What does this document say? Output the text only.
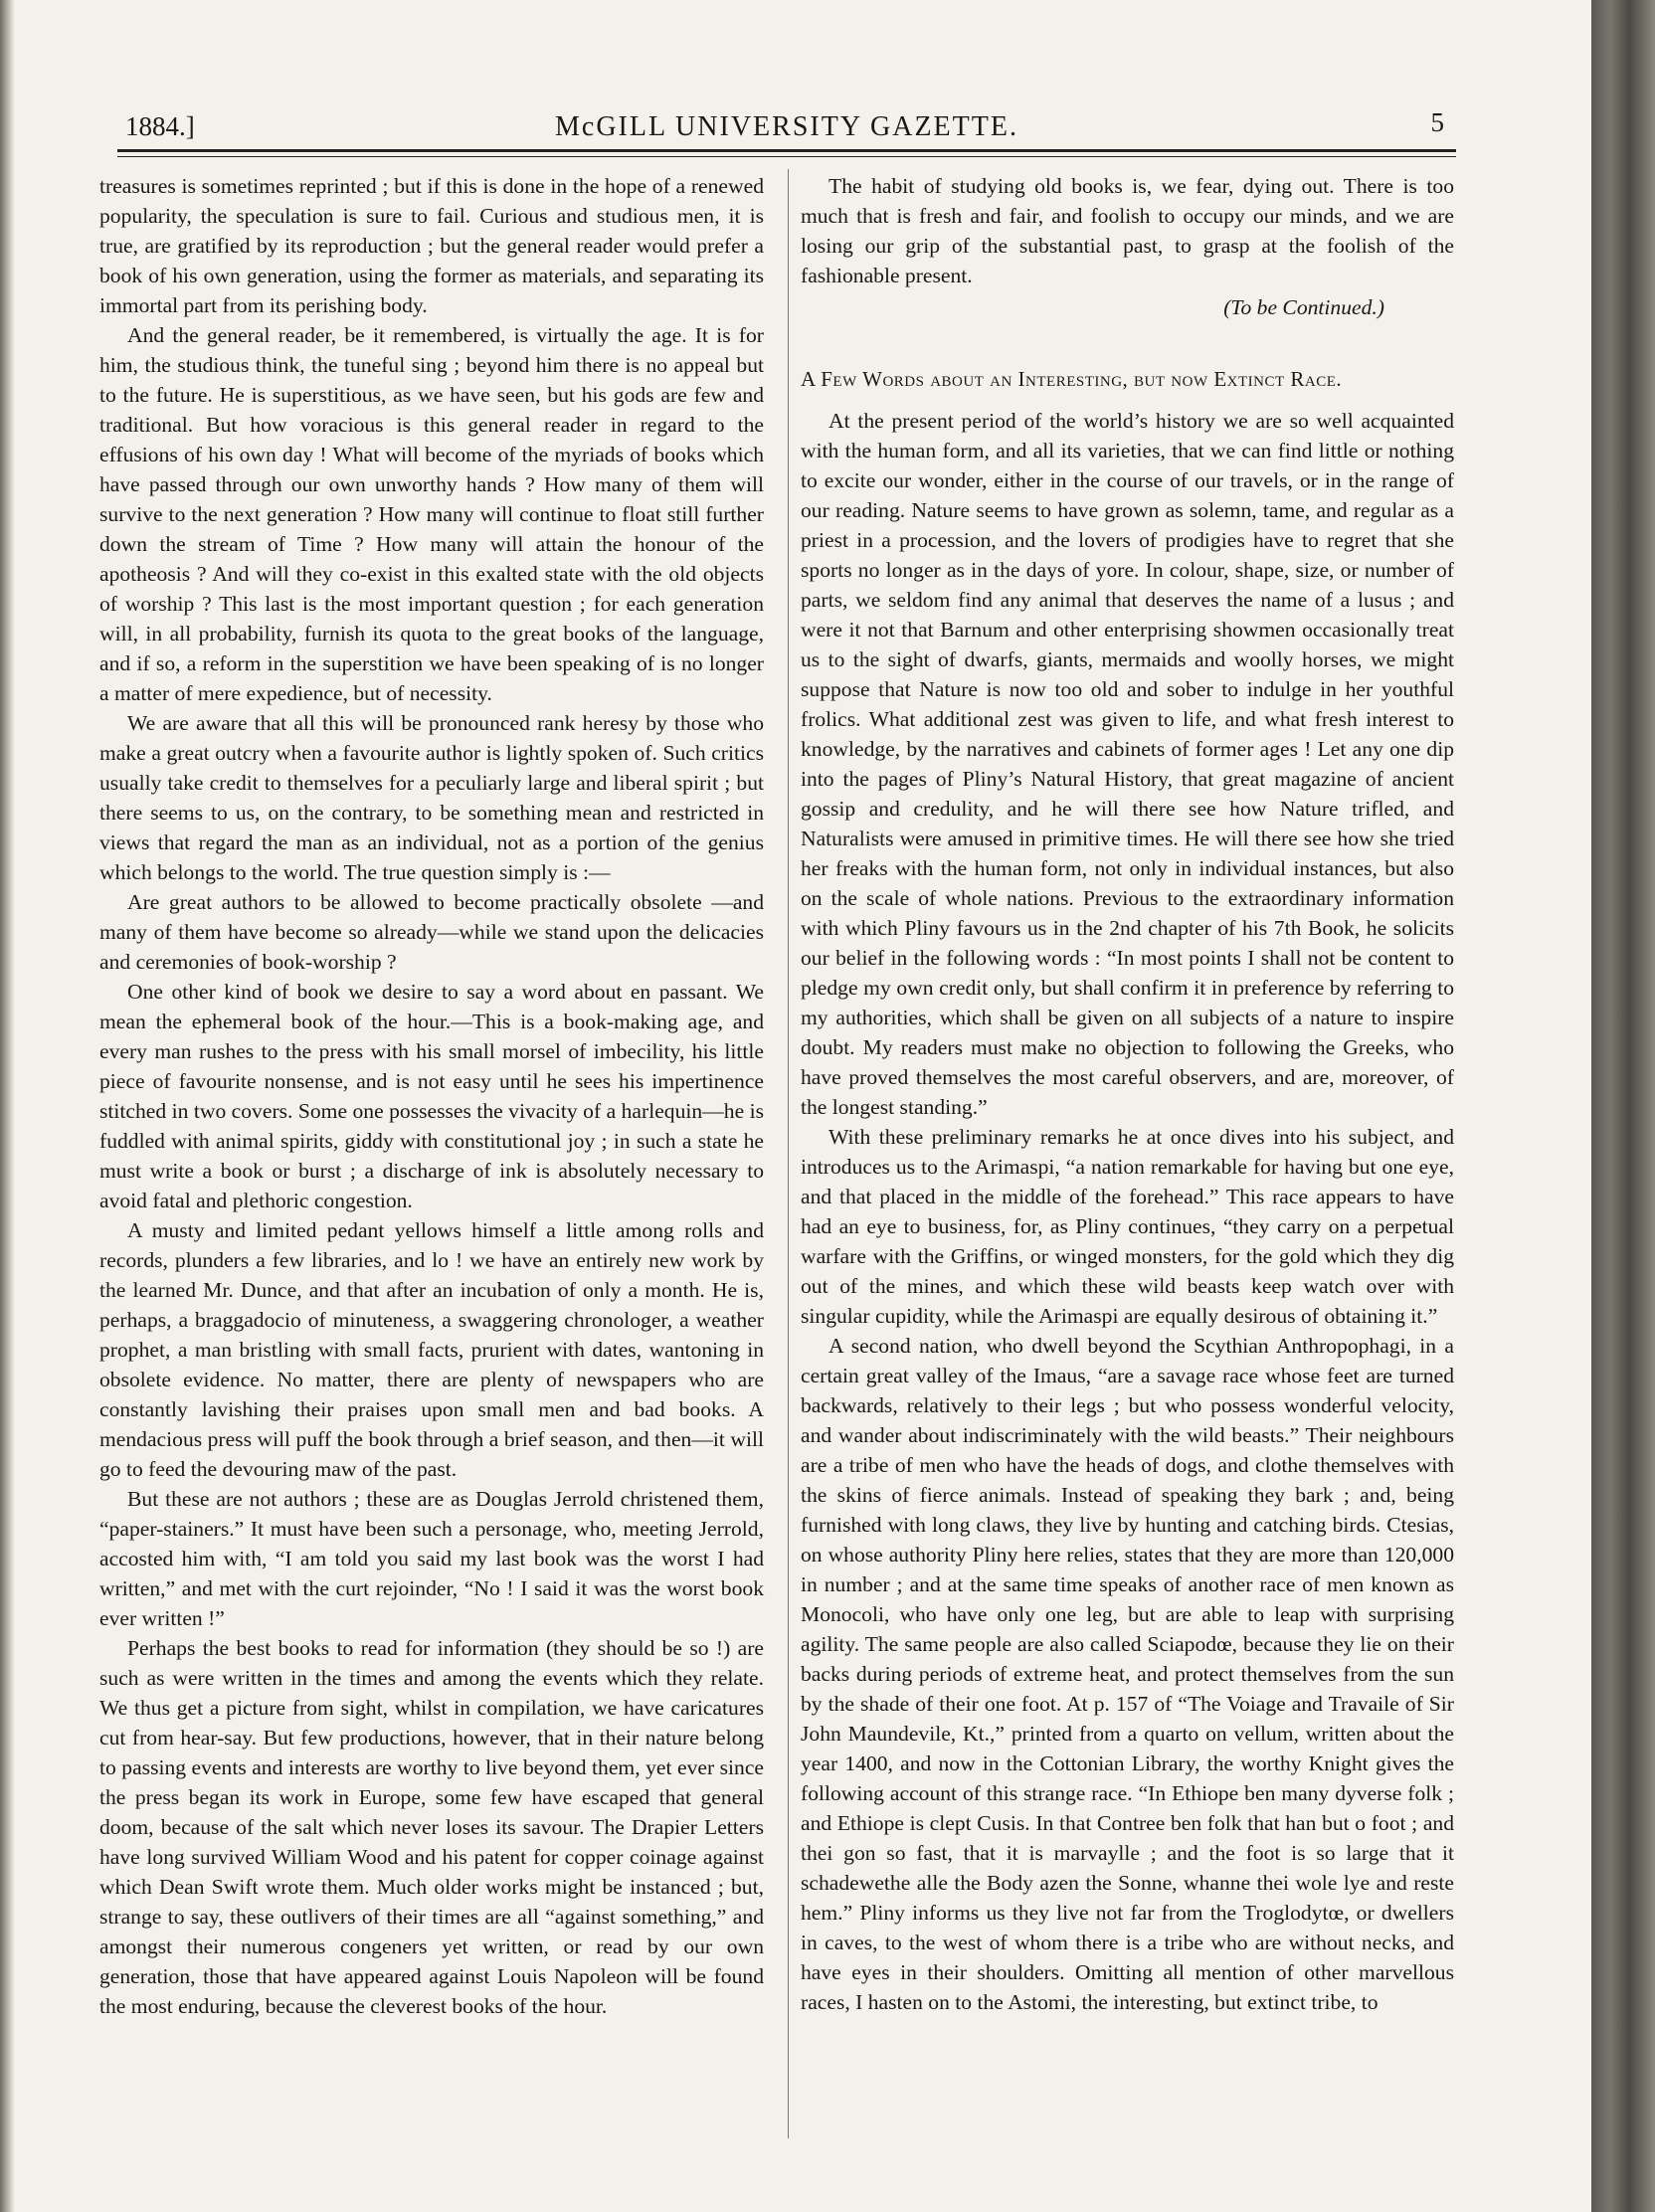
1884.]	McGILL UNIVERSITY GAZETTE.	5

treasures is sometimes reprinted ; but if this is done in the hope of a renewed popularity, the speculation is sure to fail. Curious and studious men, it is true, are gratified by its reproduction ; but the general reader would prefer a book of his own generation, using the former as materials, and separating its immortal part from its perishing body.

And the general reader, be it remembered, is virtually the age. It is for him, the studious think, the tuneful sing ; beyond him there is no appeal but to the future. He is superstitious, as we have seen, but his gods are few and traditional. But how voracious is this general reader in regard to the effusions of his own day ! What will become of the myriads of books which have passed through our own unworthy hands ? How many of them will survive to the next generation ? How many will continue to float still further down the stream of Time ? How many will attain the honour of the apotheosis ? And will they co-exist in this exalted state with the old objects of worship ? This last is the most important question ; for each generation will, in all probability, furnish its quota to the great books of the language, and if so, a reform in the superstition we have been speaking of is no longer a matter of mere expedience, but of necessity.

We are aware that all this will be pronounced rank heresy by those who make a great outcry when a favourite author is lightly spoken of. Such critics usually take credit to themselves for a peculiarly large and liberal spirit ; but there seems to us, on the contrary, to be something mean and restricted in views that regard the man as an individual, not as a portion of the genius which belongs to the world. The true question simply is :—

Are great authors to be allowed to become practically obsolete —and many of them have become so already—while we stand upon the delicacies and ceremonies of book-worship ?

One other kind of book we desire to say a word about en passant. We mean the ephemeral book of the hour.—This is a book-making age, and every man rushes to the press with his small morsel of imbecility, his little piece of favourite nonsense, and is not easy until he sees his impertinence stitched in two covers. Some one possesses the vivacity of a harlequin—he is fuddled with animal spirits, giddy with constitutional joy ; in such a state he must write a book or burst ; a discharge of ink is absolutely necessary to avoid fatal and plethoric congestion.

A musty and limited pedant yellows himself a little among rolls and records, plunders a few libraries, and lo ! we have an entirely new work by the learned Mr. Dunce, and that after an incubation of only a month. He is, perhaps, a braggadocio of minuteness, a swaggering chronologer, a weather prophet, a man bristling with small facts, prurient with dates, wantoning in obsolete evidence. No matter, there are plenty of newspapers who are constantly lavishing their praises upon small men and bad books. A mendacious press will puff the book through a brief season, and then—it will go to feed the devouring maw of the past.

But these are not authors ; these are as Douglas Jerrold christened them, “paper-stainers.” It must have been such a personage, who, meeting Jerrold, accosted him with, “I am told you said my last book was the worst I had written,” and met with the curt rejoinder, “No ! I said it was the worst book ever written !”

Perhaps the best books to read for information (they should be so !) are such as were written in the times and among the events which they relate. We thus get a picture from sight, whilst in compilation, we have caricatures cut from hear-say. But few productions, however, that in their nature belong to passing events and interests are worthy to live beyond them, yet ever since the press began its work in Europe, some few have escaped that general doom, because of the salt which never loses its savour. The Drapier Letters have long survived William Wood and his patent for copper coinage against which Dean Swift wrote them. Much older works might be instanced ; but, strange to say, these outlivers of their times are all “against something,” and amongst their numerous congeners yet written, or read by our own generation, those that have appeared against Louis Napoleon will be found the most enduring, because the cleverest books of the hour.

The habit of studying old books is, we fear, dying out. There is too much that is fresh and fair, and foolish to occupy our minds, and we are losing our grip of the substantial past, to grasp at the foolish of the fashionable present.

(To be Continued.)

A Few Words about an Interesting, but now Extinct Race.

At the present period of the world’s history we are so well acquainted with the human form, and all its varieties, that we can find little or nothing to excite our wonder, either in the course of our travels, or in the range of our reading. Nature seems to have grown as solemn, tame, and regular as a priest in a procession, and the lovers of prodigies have to regret that she sports no longer as in the days of yore. In colour, shape, size, or number of parts, we seldom find any animal that deserves the name of a lusus ; and were it not that Barnum and other enterprising showmen occasionally treat us to the sight of dwarfs, giants, mermaids and woolly horses, we might suppose that Nature is now too old and sober to indulge in her youthful frolics. What additional zest was given to life, and what fresh interest to knowledge, by the narratives and cabinets of former ages ! Let any one dip into the pages of Pliny’s Natural History, that great magazine of ancient gossip and credulity, and he will there see how Nature trifled, and Naturalists were amused in primitive times. He will there see how she tried her freaks with the human form, not only in individual instances, but also on the scale of whole nations. Previous to the extraordinary information with which Pliny favours us in the 2nd chapter of his 7th Book, he solicits our belief in the following words : “In most points I shall not be content to pledge my own credit only, but shall confirm it in preference by referring to my authorities, which shall be given on all subjects of a nature to inspire doubt. My readers must make no objection to following the Greeks, who have proved themselves the most careful observers, and are, moreover, of the longest standing.”

With these preliminary remarks he at once dives into his subject, and introduces us to the Arimaspi, “a nation remarkable for having but one eye, and that placed in the middle of the forehead.” This race appears to have had an eye to business, for, as Pliny continues, “they carry on a perpetual warfare with the Griffins, or winged monsters, for the gold which they dig out of the mines, and which these wild beasts keep watch over with singular cupidity, while the Arimaspi are equally desirous of obtaining it.”

A second nation, who dwell beyond the Scythian Anthropophagi, in a certain great valley of the Imaus, “are a savage race whose feet are turned backwards, relatively to their legs ; but who possess wonderful velocity, and wander about indiscriminately with the wild beasts.” Their neighbours are a tribe of men who have the heads of dogs, and clothe themselves with the skins of fierce animals. Instead of speaking they bark ; and, being furnished with long claws, they live by hunting and catching birds. Ctesias, on whose authority Pliny here relies, states that they are more than 120,000 in number ; and at the same time speaks of another race of men known as Monocoli, who have only one leg, but are able to leap with surprising agility. The same people are also called Sciapodœ, because they lie on their backs during periods of extreme heat, and protect themselves from the sun by the shade of their one foot. At p. 157 of “The Voiage and Travaile of Sir John Maundevile, Kt.,” printed from a quarto on vellum, written about the year 1400, and now in the Cottonian Library, the worthy Knight gives the following account of this strange race. “In Ethiope ben many dyverse folk ; and Ethiope is clept Cusis. In that Contree ben folk that han but o foot ; and thei gon so fast, that it is marvaylle ; and the foot is so large that it schadewethe alle the Body azen the Sonne, whanne thei wole lye and reste hem.” Pliny informs us they live not far from the Troglodytœ, or dwellers in caves, to the west of whom there is a tribe who are without necks, and have eyes in their shoulders. Omitting all mention of other marvellous races, I hasten on to the Astomi, the interesting, but extinct tribe, to
